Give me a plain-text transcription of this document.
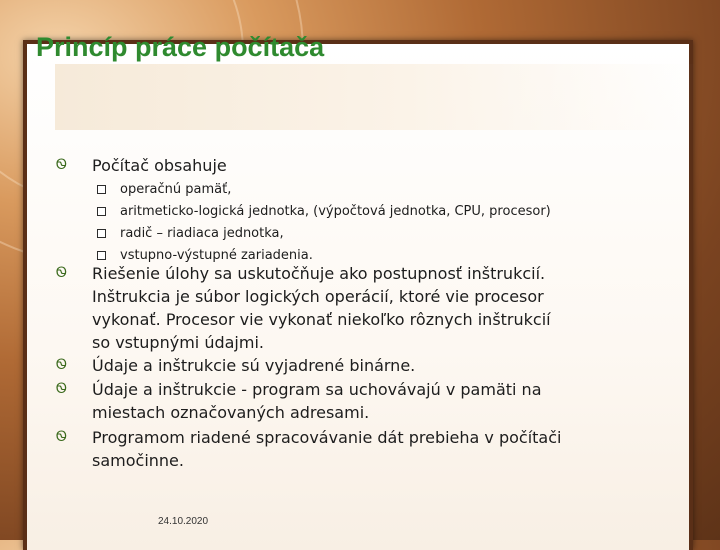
Princíp práce počítača
Ꮻ	Počítač obsahuje
operačnú pamäť,
aritmeticko-logická jednotka, (výpočtová jednotka, CPU, procesor)
radič – riadiaca jednotka,
vstupno-výstupné zariadenia.
Ꮻ	Riešenie úlohy sa uskutočňuje ako postupnosť inštrukcií.
Inštrukcia je súbor logických operácií, ktoré vie procesor
vykonať. Procesor vie vykonať niekoľko rôznych inštrukcií
so vstupnými údajmi.
Ꮻ	Údaje a inštrukcie sú vyjadrené binárne.
Ꮻ	Údaje a inštrukcie - program sa uchovávajú v pamäti na
miestach označovaných adresami.
Ꮻ	Programom riadené spracovávanie dát prebieha v počítači
samočinne.
24.10.2020
